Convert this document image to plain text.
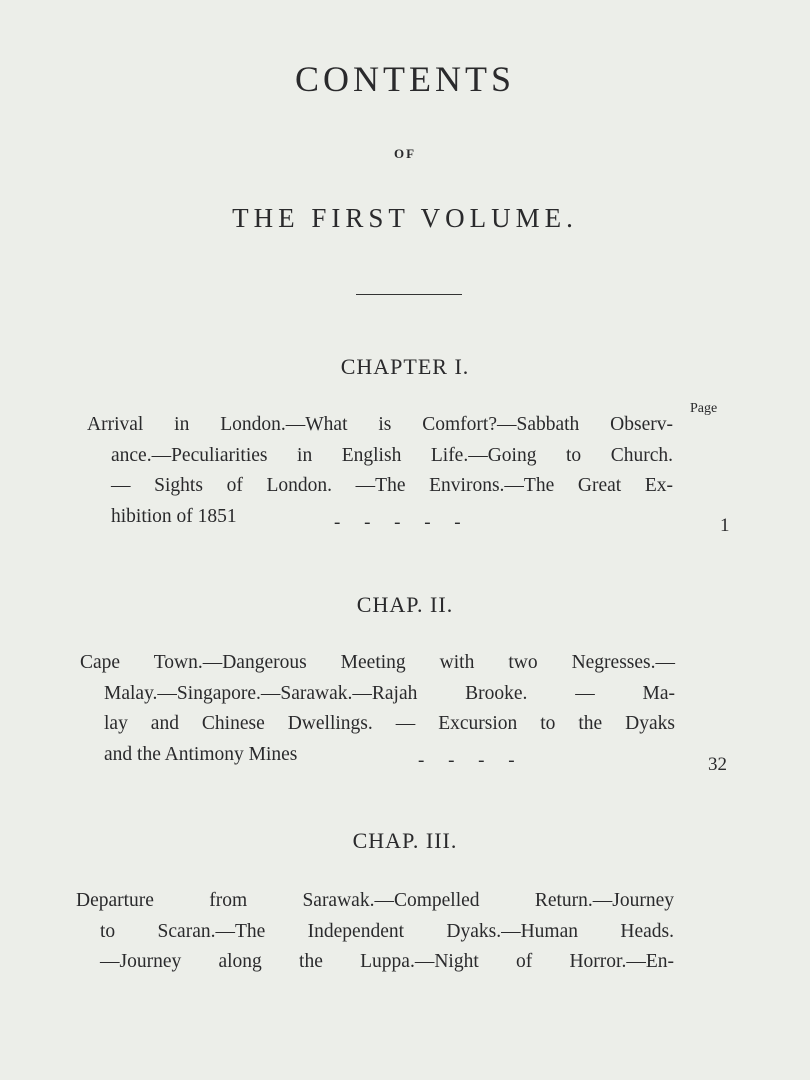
CONTENTS
OF
THE FIRST VOLUME.
CHAPTER I.
Page
Arrival in London.—What is Comfort?—Sabbath Observ-
ance.—Peculiarities in English Life.—Going to Church.
— Sights of London. —The Environs.—The Great Ex-
hibition of 1851	-     -     -     -     -	1
CHAP. II.
Cape Town.—Dangerous Meeting with two Negresses.—
Malay.—Singapore.—Sarawak.—Rajah Brooke. — Ma-
lay and Chinese Dwellings. — Excursion to the Dyaks
and the Antimony Mines	-     -     -     -	32
CHAP. III.
Departure from Sarawak.—Compelled Return.—Journey
to Scaran.—The Independent Dyaks.—Human Heads.
—Journey along the Luppa.—Night of Horror.—En-
